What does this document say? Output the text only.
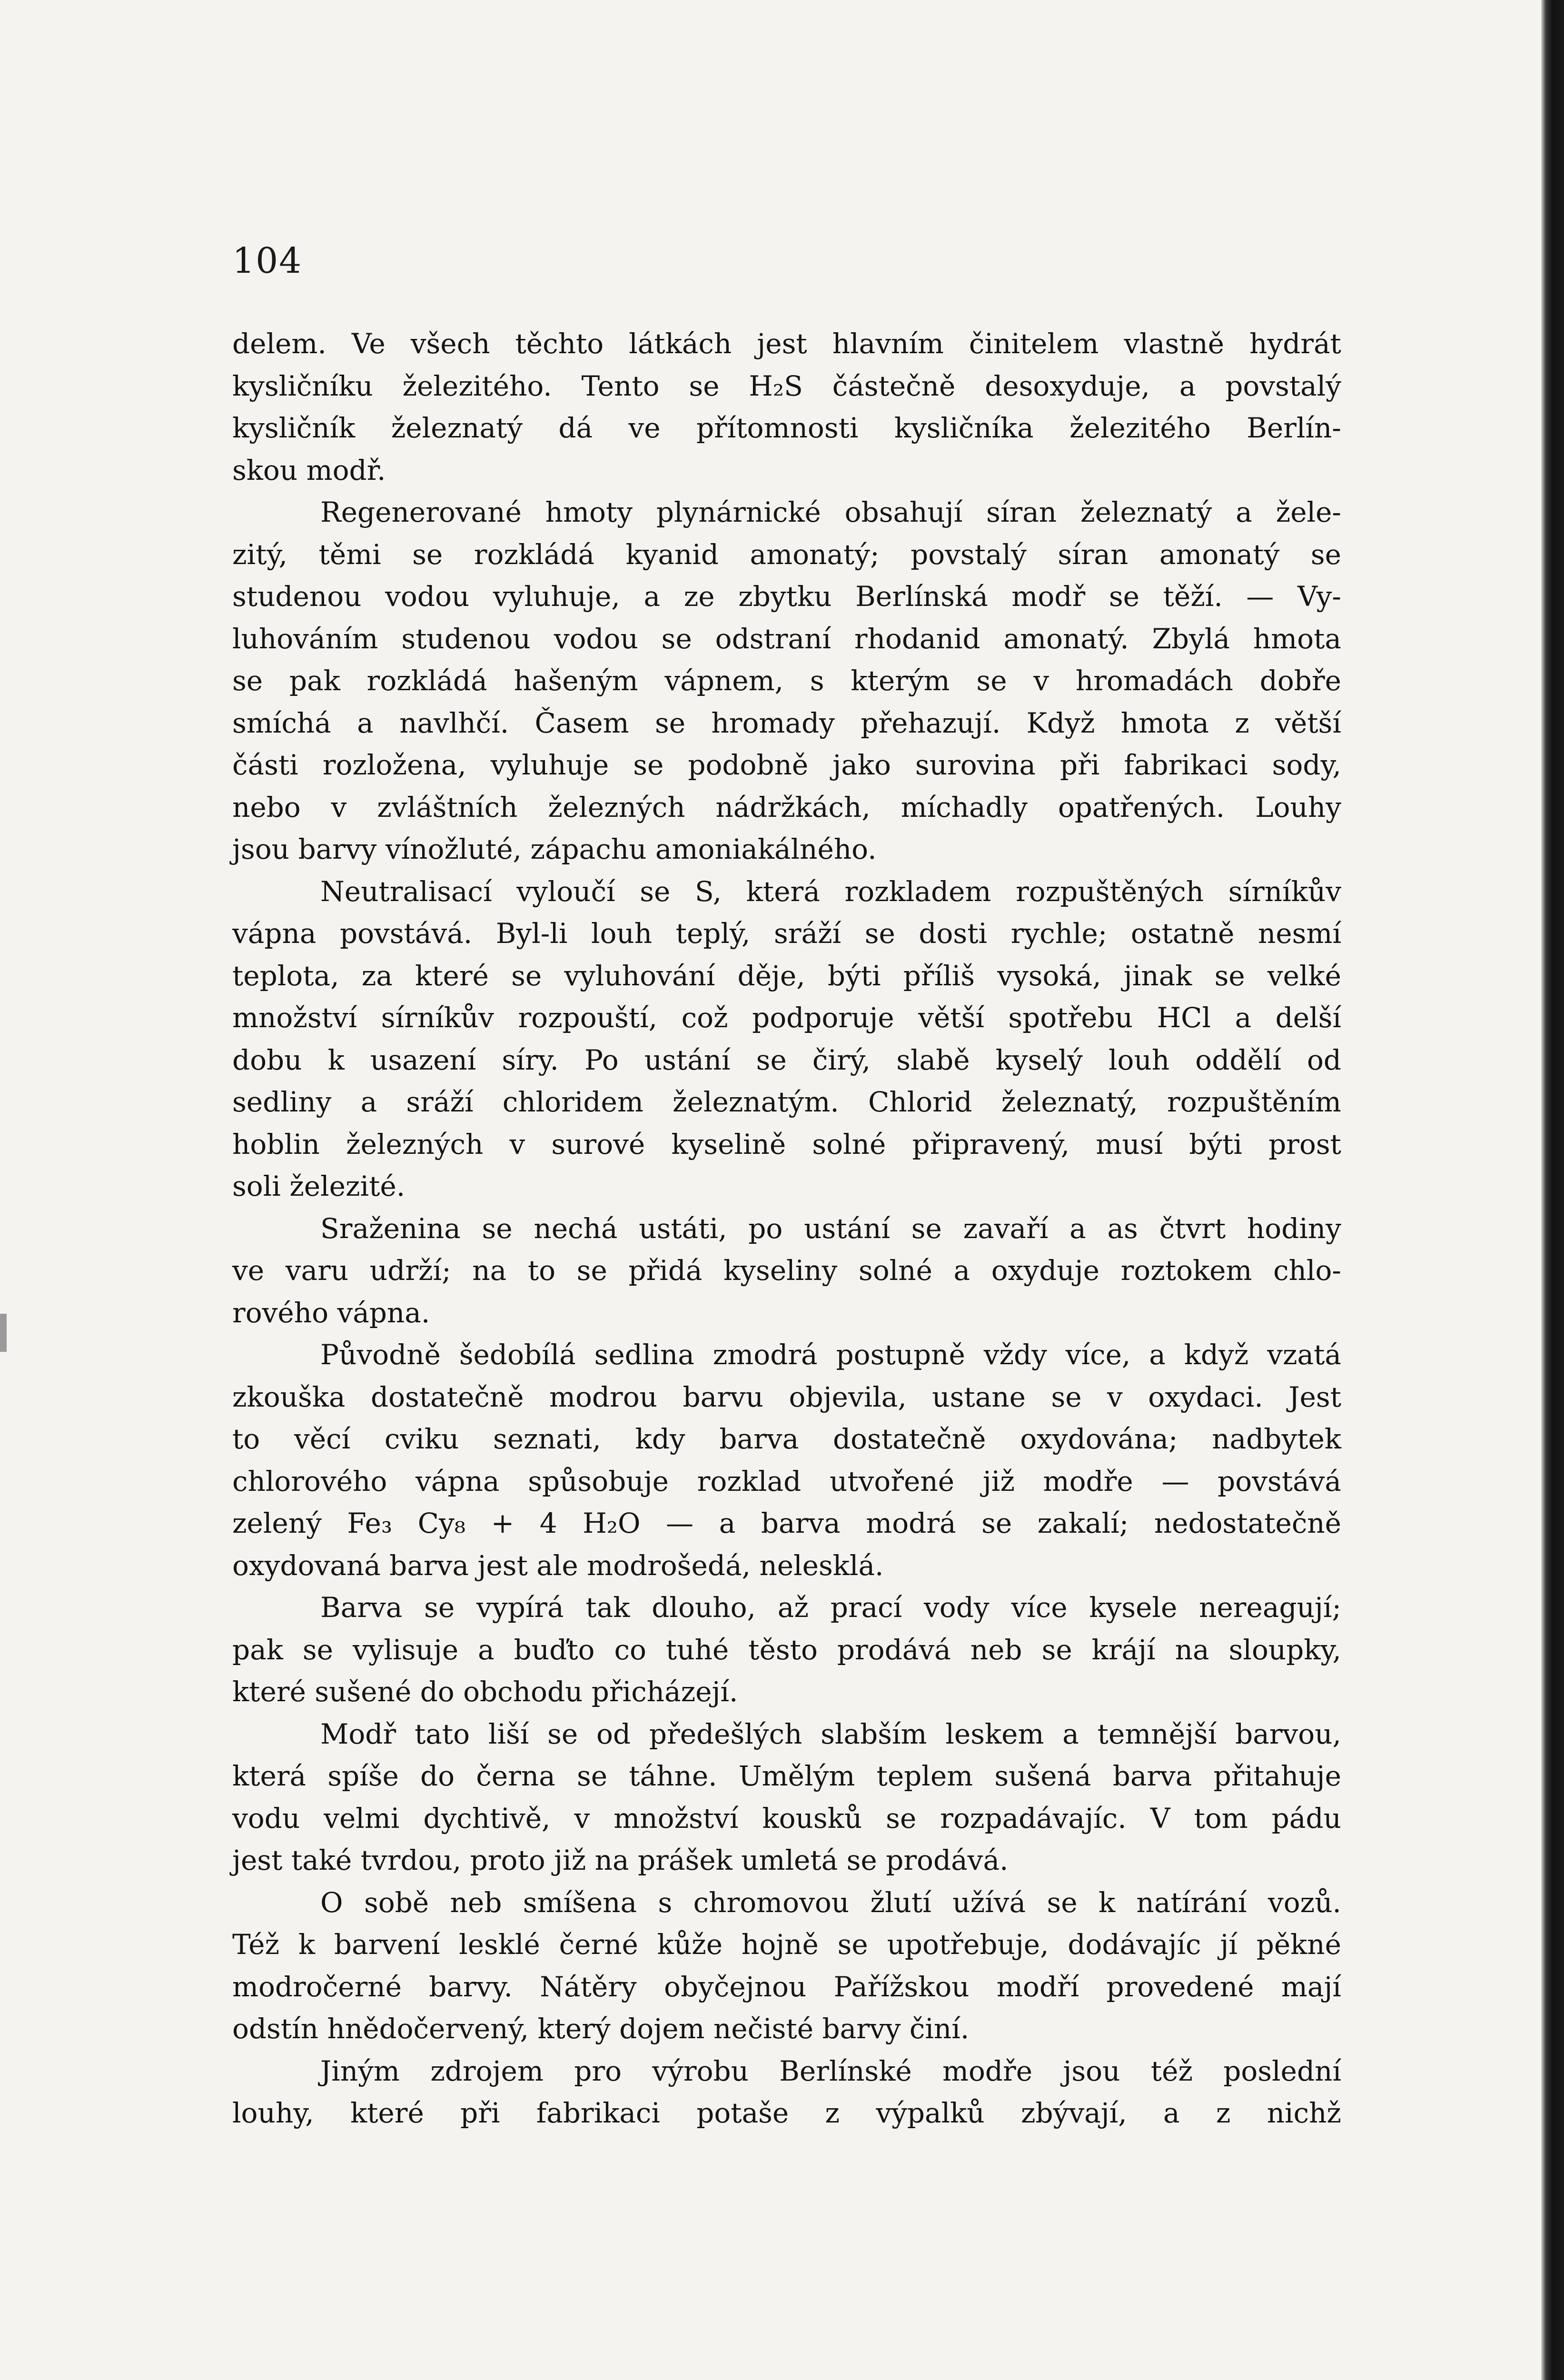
104
delem. Ve všech těchto látkách jest hlavním činitelem vlastně hydrát
kysličníku železitého. Tento se H₂S částečně desoxyduje, a povstalý
kysličník železnatý dá ve přítomnosti kysličníka železitého Berlín-
skou modř.
Regenerované hmoty plynárnické obsahují síran železnatý a žele-
zitý, těmi se rozkládá kyanid amonatý; povstalý síran amonatý se
studenou vodou vyluhuje, a ze zbytku Berlínská modř se těží. — Vy-
luhováním studenou vodou se odstraní rhodanid amonatý. Zbylá hmota
se pak rozkládá hašeným vápnem, s kterým se v hromadách dobře
smíchá a navlhčí. Časem se hromady přehazují. Když hmota z větší
části rozložena, vyluhuje se podobně jako surovina při fabrikaci sody,
nebo v zvláštních železných nádržkách, míchadly opatřených. Louhy
jsou barvy vínožluté, zápachu amoniakálného.
Neutralisací vyloučí se S, která rozkladem rozpuštěných sírníkův
vápna povstává. Byl-li louh teplý, sráží se dosti rychle; ostatně nesmí
teplota, za které se vyluhování děje, býti příliš vysoká, jinak se velké
množství sírníkův rozpouští, což podporuje větší spotřebu HCl a delší
dobu k usazení síry. Po ustání se čirý, slabě kyselý louh oddělí od
sedliny a sráží chloridem železnatým. Chlorid železnatý, rozpuštěním
hoblin železných v surové kyselině solné připravený, musí býti prost
soli železité.
Sraženina se nechá ustáti, po ustání se zavaří a as čtvrt hodiny
ve varu udrží; na to se přidá kyseliny solné a oxyduje roztokem chlo-
rového vápna.
Původně šedobílá sedlina zmodrá postupně vždy více, a když vzatá
zkouška dostatečně modrou barvu objevila, ustane se v oxydaci. Jest
to věcí cviku seznati, kdy barva dostatečně oxydována; nadbytek
chlorového vápna spůsobuje rozklad utvořené již modře — povstává
zelený Fe₃ Cy₈ + 4 H₂O — a barva modrá se zakalí; nedostatečně
oxydovaná barva jest ale modrošedá, nelesklá.
Barva se vypírá tak dlouho, až prací vody více kysele nereagují;
pak se vylisuje a buďto co tuhé těsto prodává neb se krájí na sloupky,
které sušené do obchodu přicházejí.
Modř tato liší se od předešlých slabším leskem a temnější barvou,
která spíše do černa se táhne. Umělým teplem sušená barva přitahuje
vodu velmi dychtivě, v množství kousků se rozpadávajíc. V tom pádu
jest také tvrdou, proto již na prášek umletá se prodává.
O sobě neb smíšena s chromovou žlutí užívá se k natírání vozů.
Též k barvení lesklé černé kůže hojně se upotřebuje, dodávajíc jí pěkné
modročerné barvy. Nátěry obyčejnou Pařížskou modří provedené mají
odstín hnědočervený, který dojem nečisté barvy činí.
Jiným zdrojem pro výrobu Berlínské modře jsou též poslední
louhy, které při fabrikaci potaše z výpalků zbývají, a z nichž
